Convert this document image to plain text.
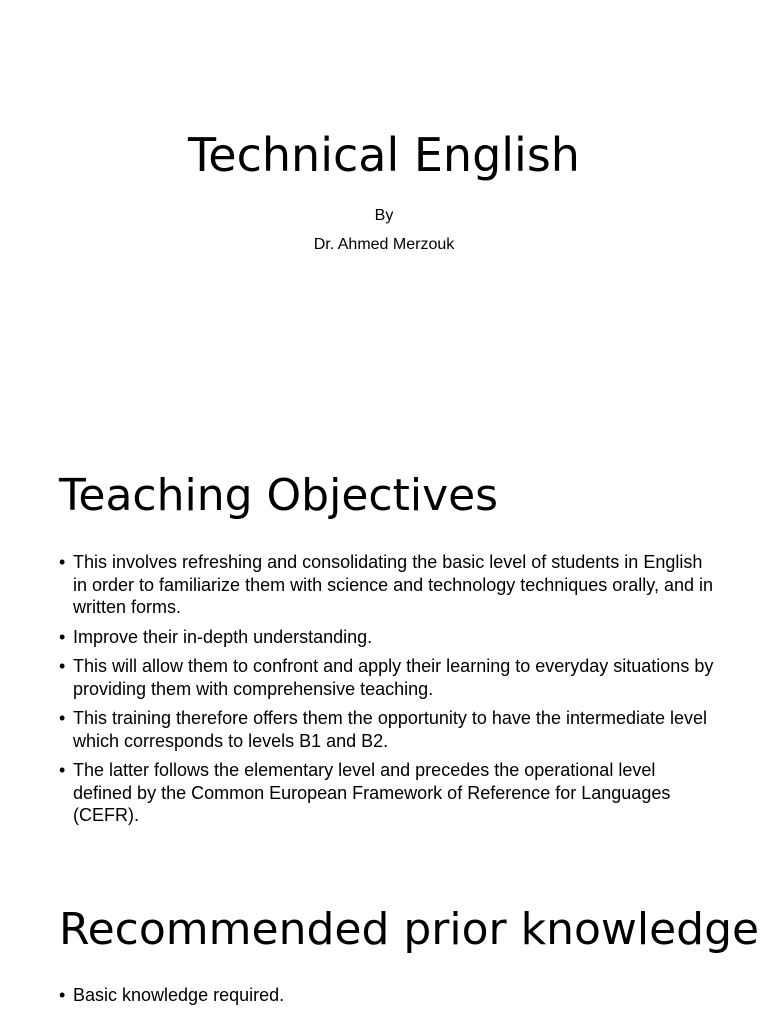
Technical English

By

Dr. Ahmed Merzouk

Teaching Objectives
• This involves refreshing and consolidating the basic level of students in English in order to familiarize them with science and technology techniques orally, and in written forms.
• Improve their in-depth understanding.
• This will allow them to confront and apply their learning to everyday situations by providing them with comprehensive teaching.
• This training therefore offers them the opportunity to have the intermediate level which corresponds to levels B1 and B2.
• The latter follows the elementary level and precedes the operational level defined by the Common European Framework of Reference for Languages (CEFR).
Recommended prior knowledge
• Basic knowledge required.
